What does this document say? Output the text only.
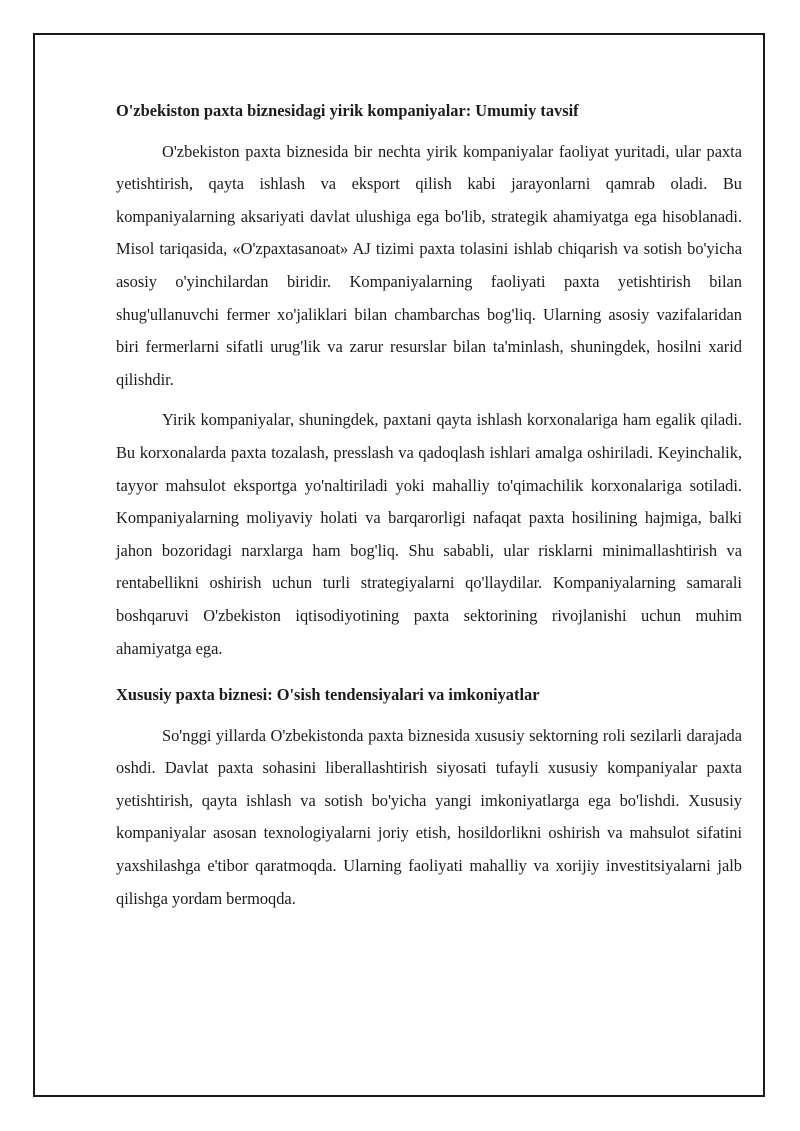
O'zbekiston paxta biznesidagi yirik kompaniyalar: Umumiy tavsif

O'zbekiston paxta biznesida bir nechta yirik kompaniyalar faoliyat yuritadi, ular paxta yetishtirish, qayta ishlash va eksport qilish kabi jarayonlarni qamrab oladi. Bu kompaniyalarning aksariyati davlat ulushiga ega bo'lib, strategik ahamiyatga ega hisoblanadi. Misol tariqasida, «O'zpaxtasanoat» AJ tizimi paxta tolasini ishlab chiqarish va sotish bo'yicha asosiy o'yinchilardan biridir. Kompaniyalarning faoliyati paxta yetishtirish bilan shug'ullanuvchi fermer xo'jaliklari bilan chambarchas bog'liq. Ularning asosiy vazifalaridan biri fermerlarni sifatli urug'lik va zarur resurslar bilan ta'minlash, shuningdek, hosilni xarid qilishdir.

Yirik kompaniyalar, shuningdek, paxtani qayta ishlash korxonalariga ham egalik qiladi. Bu korxonalarda paxta tozalash, presslash va qadoqlash ishlari amalga oshiriladi. Keyinchalik, tayyor mahsulot eksportga yo'naltiriladi yoki mahalliy to'qimachilik korxonalariga sotiladi. Kompaniyalarning moliyaviy holati va barqarorligi nafaqat paxta hosilining hajmiga, balki jahon bozoridagi narxlarga ham bog'liq. Shu sababli, ular risklarni minimallashtirish va rentabellikni oshirish uchun turli strategiyalarni qo'llaydilar. Kompaniyalarning samarali boshqaruvi O'zbekiston iqtisodiyotining paxta sektorining rivojlanishi uchun muhim ahamiyatga ega.

Xususiy paxta biznesi: O'sish tendensiyalari va imkoniyatlar

So'nggi yillarda O'zbekistonda paxta biznesida xususiy sektorning roli sezilarli darajada oshdi. Davlat paxta sohasini liberallashtirish siyosati tufayli xususiy kompaniyalar paxta yetishtirish, qayta ishlash va sotish bo'yicha yangi imkoniyatlarga ega bo'lishdi. Xususiy kompaniyalar asosan texnologiyalarni joriy etish, hosildorlikni oshirish va mahsulot sifatini yaxshilashga e'tibor qaratmoqda. Ularning faoliyati mahalliy va xorijiy investitsiyalarni jalb qilishga yordam bermoqda.
